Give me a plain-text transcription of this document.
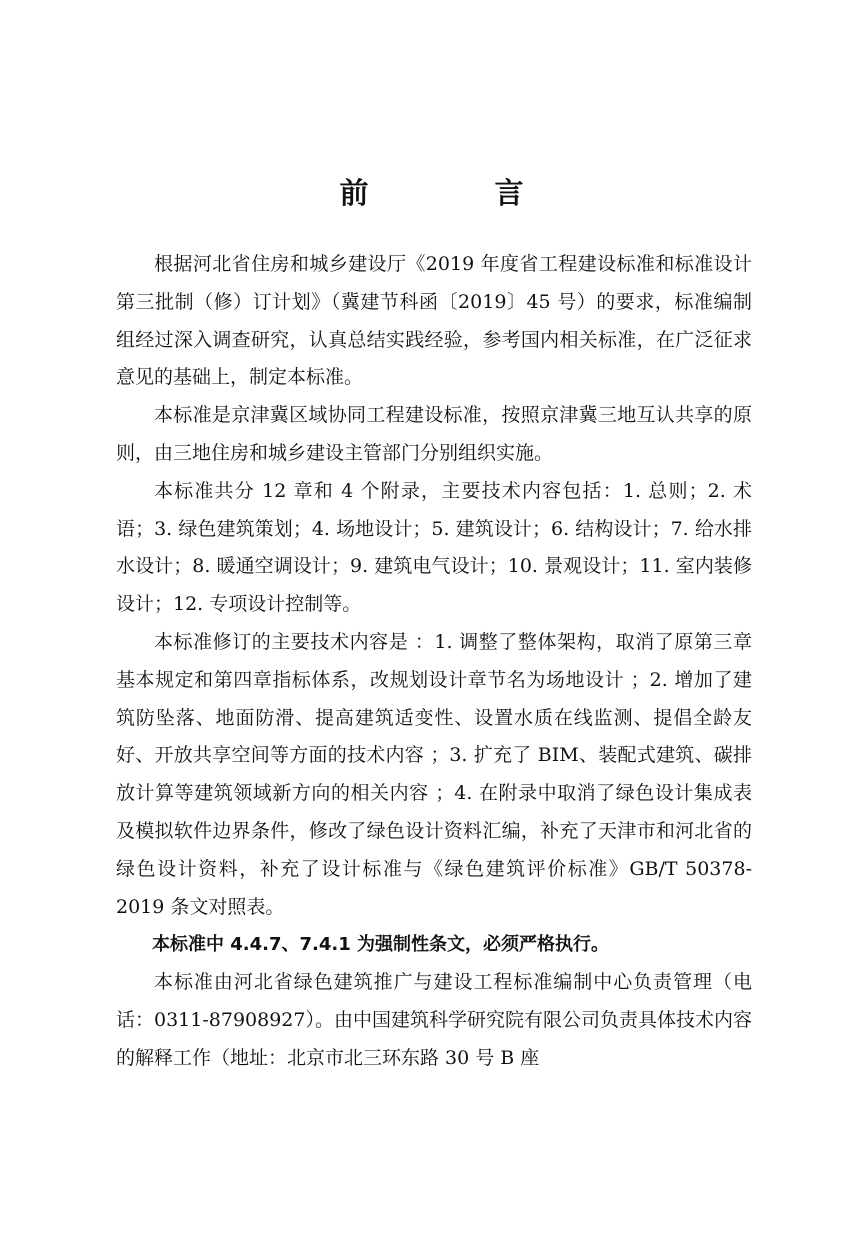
前 言

根据河北省住房和城乡建设厅《2019 年度省工程建设标准和标准设计第三批制（修）订计划》（冀建节科函〔2019〕45 号）的要求，标准编制组经过深入调查研究，认真总结实践经验，参考国内相关标准，在广泛征求意见的基础上，制定本标准。

本标准是京津冀区域协同工程建设标准，按照京津冀三地互认共享的原则，由三地住房和城乡建设主管部门分别组织实施。

本标准共分 12 章和 4 个附录，主要技术内容包括：1. 总则；2. 术语；3. 绿色建筑策划；4. 场地设计；5. 建筑设计；6. 结构设计；7. 给水排水设计；8. 暖通空调设计；9. 建筑电气设计；10. 景观设计；11. 室内装修设计；12. 专项设计控制等。

本标准修订的主要技术内容是 ：1. 调整了整体架构，取消了原第三章基本规定和第四章指标体系，改规划设计章节名为场地设计 ；2. 增加了建筑防坠落、地面防滑、提高建筑适变性、设置水质在线监测、提倡全龄友好、开放共享空间等方面的技术内容 ；3. 扩充了 BIM、装配式建筑、碳排放计算等建筑领域新方向的相关内容 ；4. 在附录中取消了绿色设计集成表及模拟软件边界条件，修改了绿色设计资料汇编，补充了天津市和河北省的绿色设计资料，补充了设计标准与《绿色建筑评价标准》GB/T 50378-2019 条文对照表。

本标准中 4.4.7、7.4.1 为强制性条文，必须严格执行。

本标准由河北省绿色建筑推广与建设工程标准编制中心负责管理（电话：0311-87908927）。由中国建筑科学研究院有限公司负责具体技术内容的解释工作（地址：北京市北三环东路 30 号 B 座
